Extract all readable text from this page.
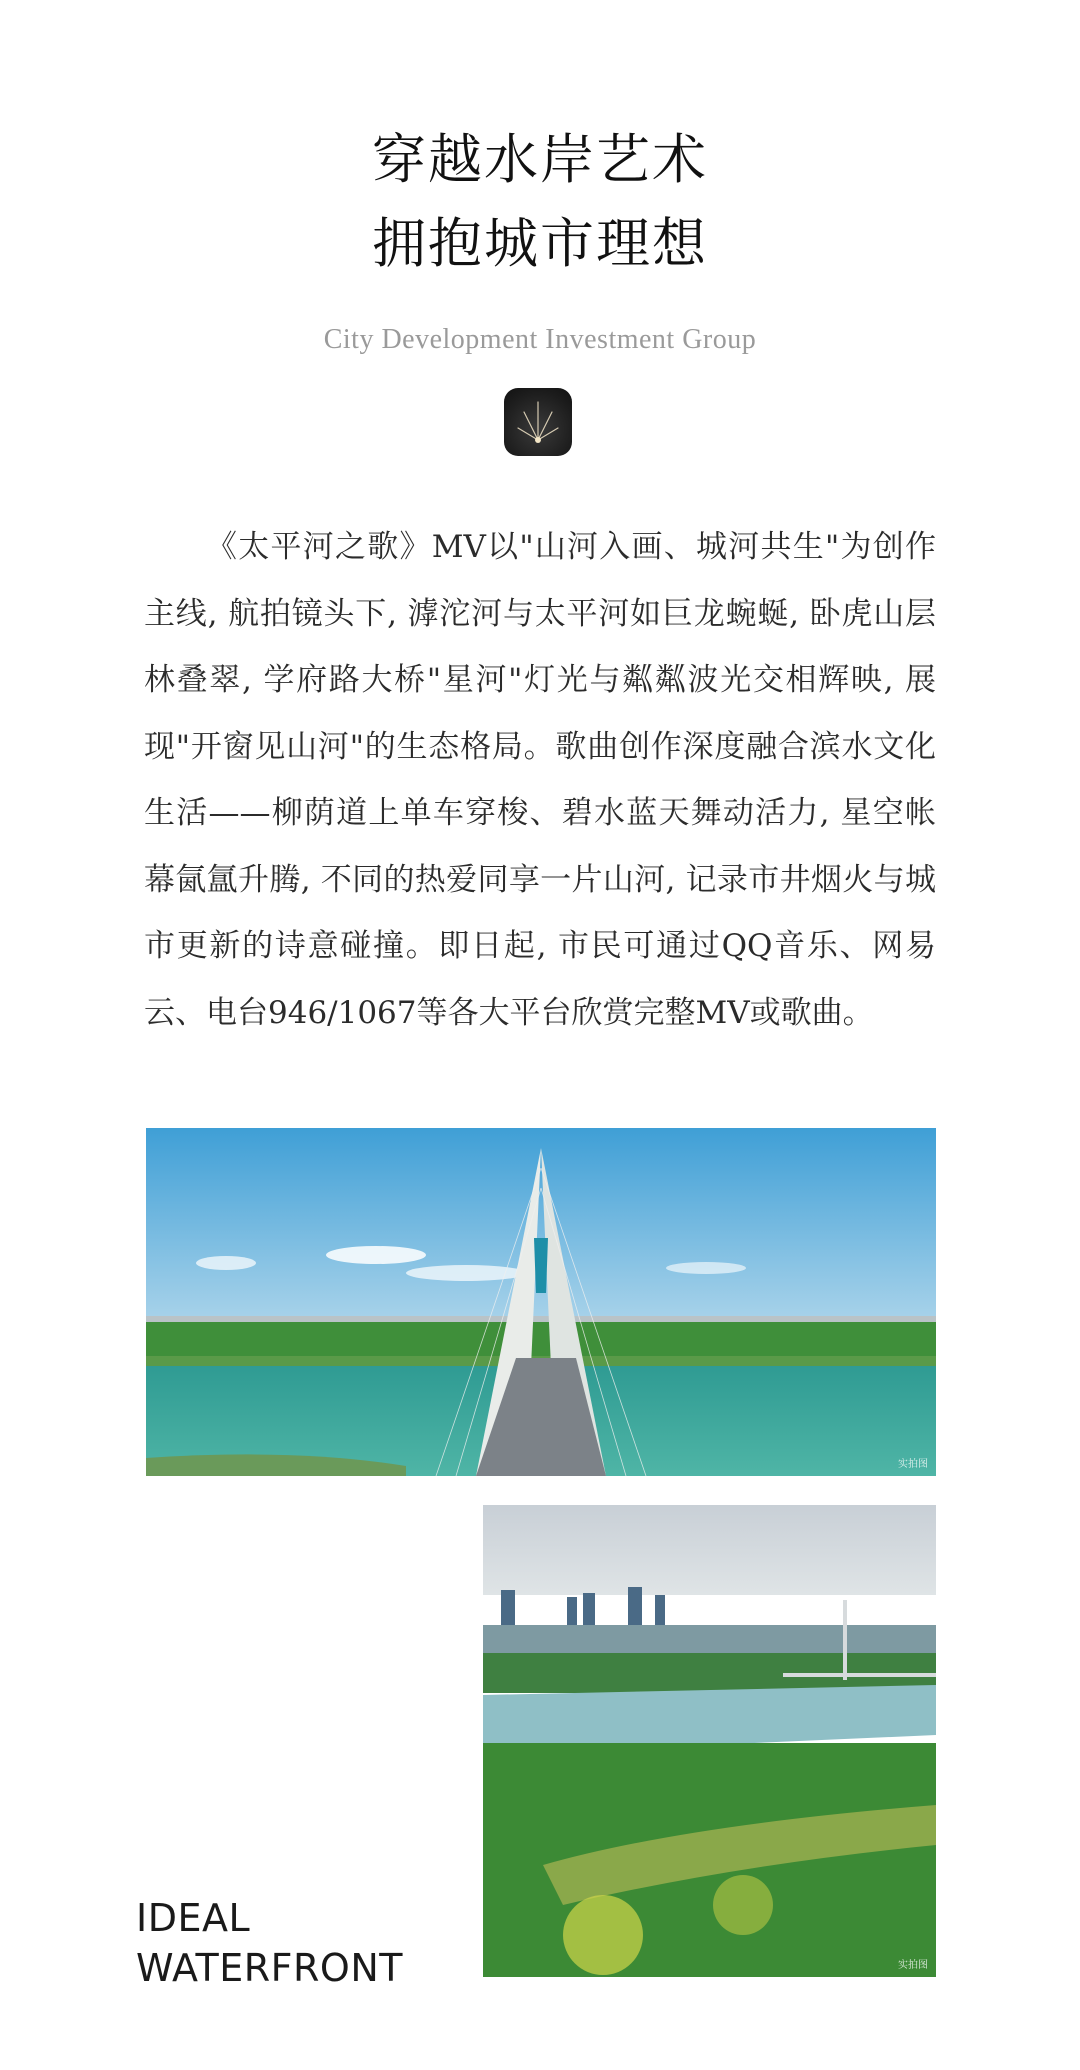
穿越水岸艺术
拥抱城市理想
City Development Investment Group
《太平河之歌》MV以"山河入画、城河共生"为创作主线, 航拍镜头下, 滹沱河与太平河如巨龙蜿蜒, 卧虎山层林叠翠, 学府路大桥"星河"灯光与粼粼波光交相辉映, 展现"开窗见山河"的生态格局。歌曲创作深度融合滨水文化生活——柳荫道上单车穿梭、碧水蓝天舞动活力, 星空帐幕氤氲升腾, 不同的热爱同享一片山河, 记录市井烟火与城市更新的诗意碰撞。即日起, 市民可通过QQ音乐、网易云、电台946/1067等各大平台欣赏完整MV或歌曲。
实拍图
实拍图
IDEAL
WATERFRONT
